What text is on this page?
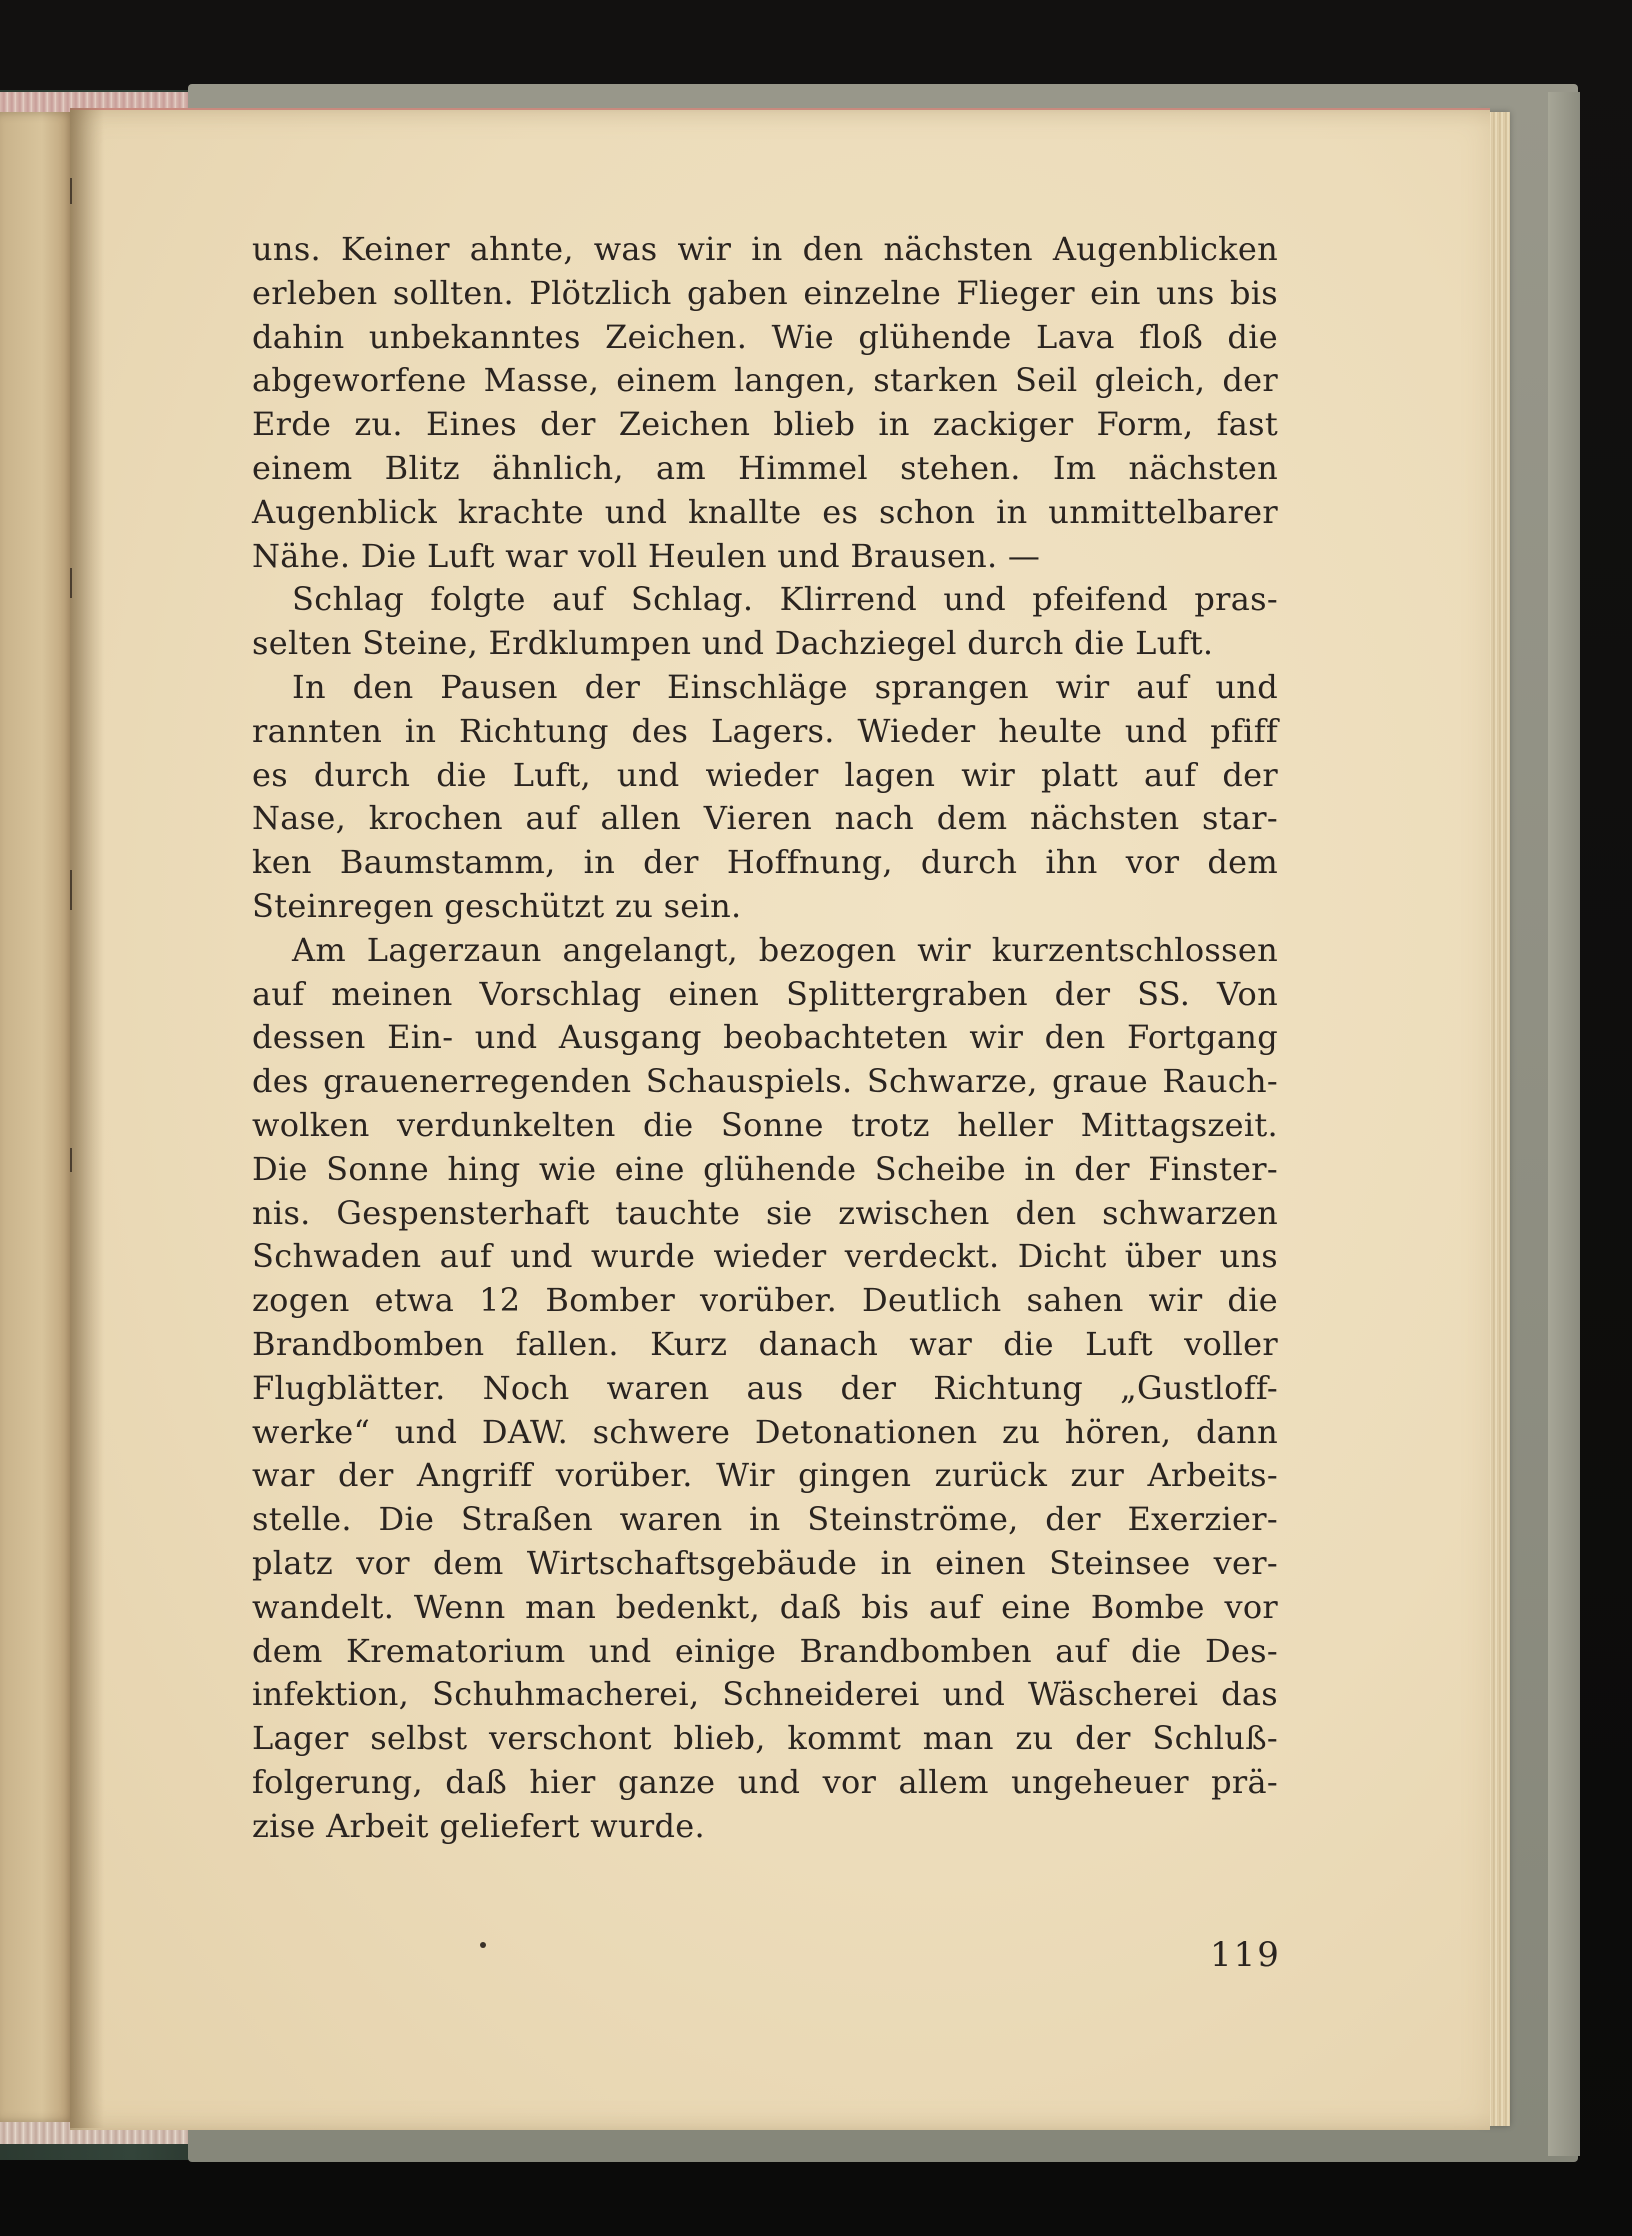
uns. Keiner ahnte, was wir in den nächsten Augenblicken
erleben sollten. Plötzlich gaben einzelne Flieger ein uns bis
dahin unbekanntes Zeichen. Wie glühende Lava floß die
abgeworfene Masse, einem langen, starken Seil gleich, der
Erde zu. Eines der Zeichen blieb in zackiger Form, fast
einem Blitz ähnlich, am Himmel stehen. Im nächsten
Augenblick krachte und knallte es schon in unmittelbarer
Nähe. Die Luft war voll Heulen und Brausen. —
Schlag folgte auf Schlag. Klirrend und pfeifend pras-
selten Steine, Erdklumpen und Dachziegel durch die Luft.
In den Pausen der Einschläge sprangen wir auf und
rannten in Richtung des Lagers. Wieder heulte und pfiff
es durch die Luft, und wieder lagen wir platt auf der
Nase, krochen auf allen Vieren nach dem nächsten star-
ken Baumstamm, in der Hoffnung, durch ihn vor dem
Steinregen geschützt zu sein.
Am Lagerzaun angelangt, bezogen wir kurzentschlossen
auf meinen Vorschlag einen Splittergraben der SS. Von
dessen Ein- und Ausgang beobachteten wir den Fortgang
des grauenerregenden Schauspiels. Schwarze, graue Rauch-
wolken verdunkelten die Sonne trotz heller Mittagszeit.
Die Sonne hing wie eine glühende Scheibe in der Finster-
nis. Gespensterhaft tauchte sie zwischen den schwarzen
Schwaden auf und wurde wieder verdeckt. Dicht über uns
zogen etwa 12 Bomber vorüber. Deutlich sahen wir die
Brandbomben fallen. Kurz danach war die Luft voller
Flugblätter. Noch waren aus der Richtung „Gustloff-
werke“ und DAW. schwere Detonationen zu hören, dann
war der Angriff vorüber. Wir gingen zurück zur Arbeits-
stelle. Die Straßen waren in Steinströme, der Exerzier-
platz vor dem Wirtschaftsgebäude in einen Steinsee ver-
wandelt. Wenn man bedenkt, daß bis auf eine Bombe vor
dem Krematorium und einige Brandbomben auf die Des-
infektion, Schuhmacherei, Schneiderei und Wäscherei das
Lager selbst verschont blieb, kommt man zu der Schluß-
folgerung, daß hier ganze und vor allem ungeheuer prä-
zise Arbeit geliefert wurde.
119
